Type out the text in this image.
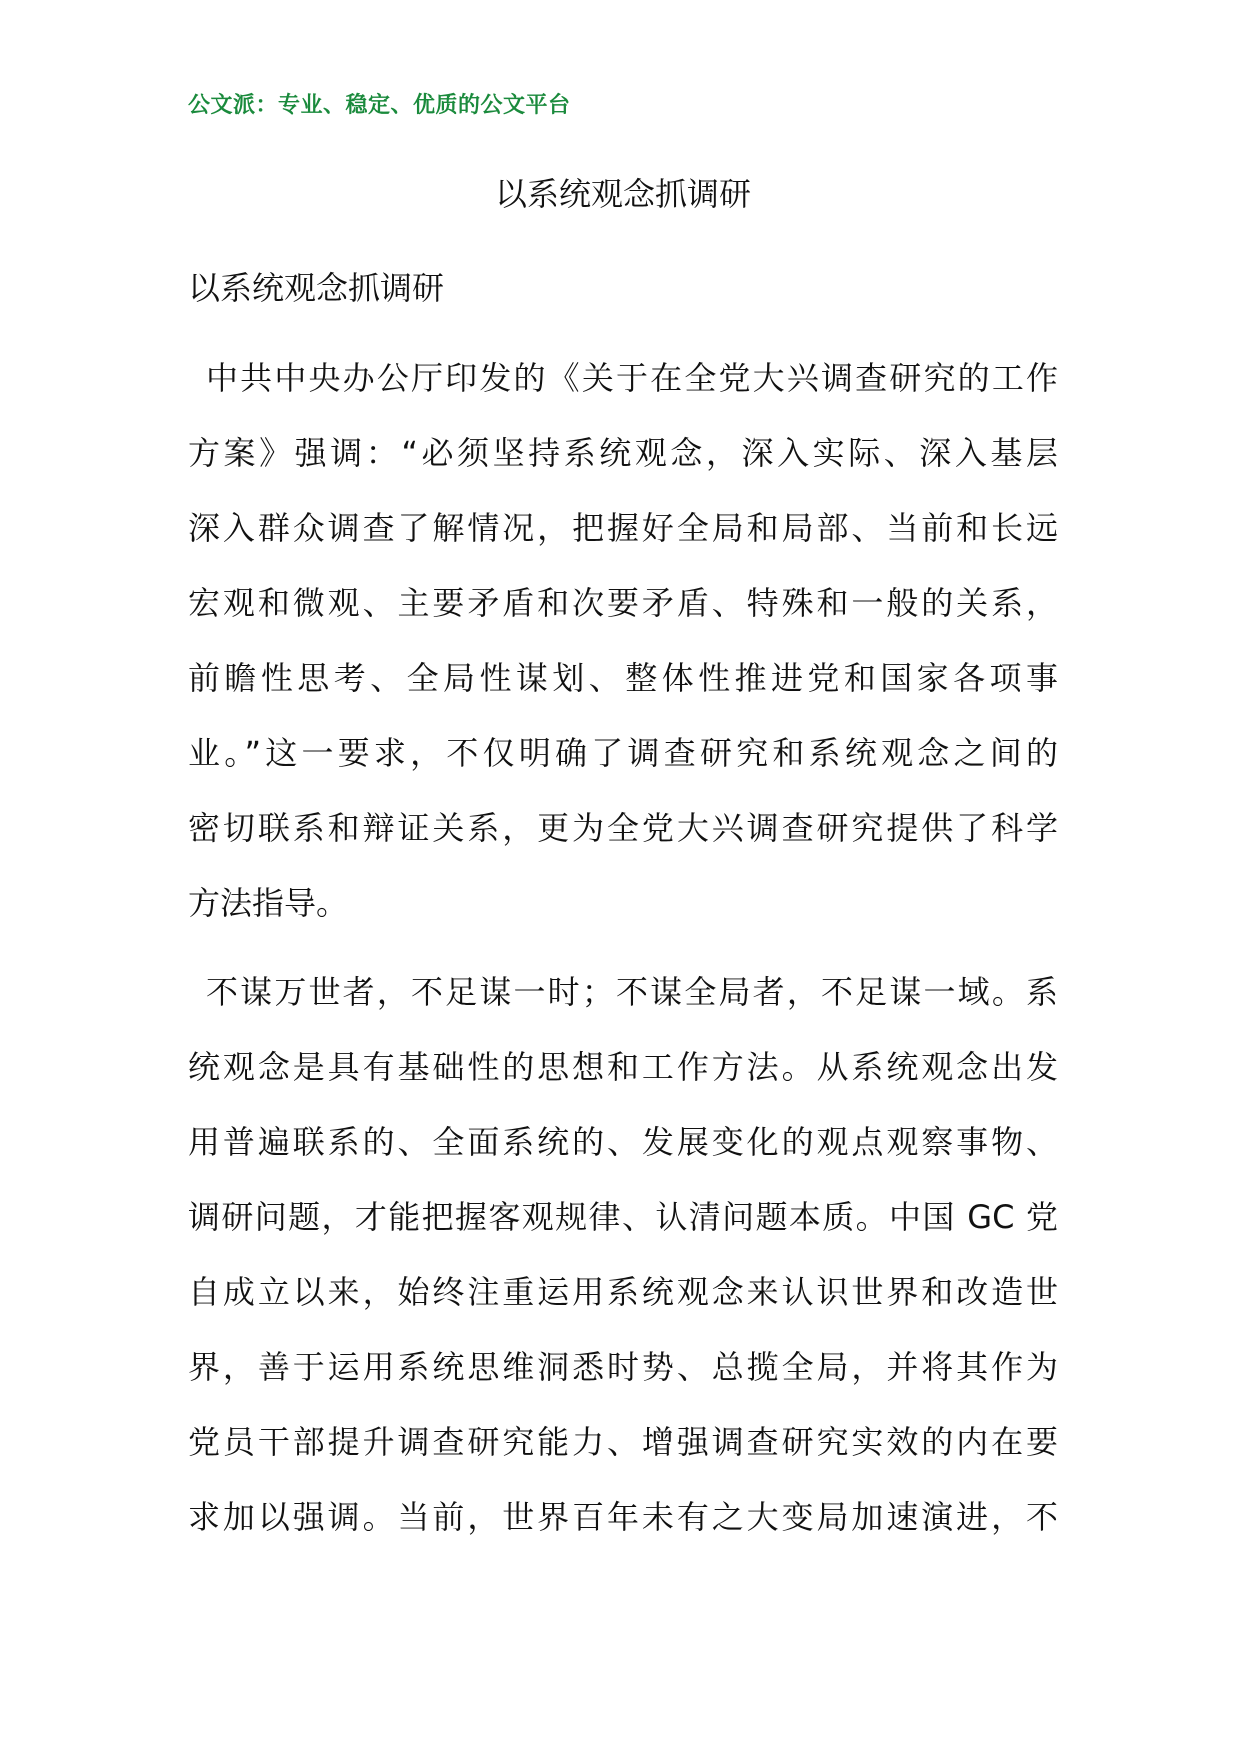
公文派：专业、稳定、优质的公文平台
以系统观念抓调研
以系统观念抓调研
中共中央办公厅印发的《关于在全党大兴调查研究的工作
方案》强调：“必须坚持系统观念，深入实际、深入基层
深入群众调查了解情况，把握好全局和局部、当前和长远
宏观和微观、主要矛盾和次要矛盾、特殊和一般的关系，
前瞻性思考、全局性谋划、整体性推进党和国家各项事
业。”这一要求，不仅明确了调查研究和系统观念之间的
密切联系和辩证关系，更为全党大兴调查研究提供了科学
方法指导。
不谋万世者，不足谋一时；不谋全局者，不足谋一域。系
统观念是具有基础性的思想和工作方法。从系统观念出发
用普遍联系的、全面系统的、发展变化的观点观察事物、
调研问题，才能把握客观规律、认清问题本质。中国 GC 党
自成立以来，始终注重运用系统观念来认识世界和改造世
界，善于运用系统思维洞悉时势、总揽全局，并将其作为
党员干部提升调查研究能力、增强调查研究实效的内在要
求加以强调。当前，世界百年未有之大变局加速演进，不
